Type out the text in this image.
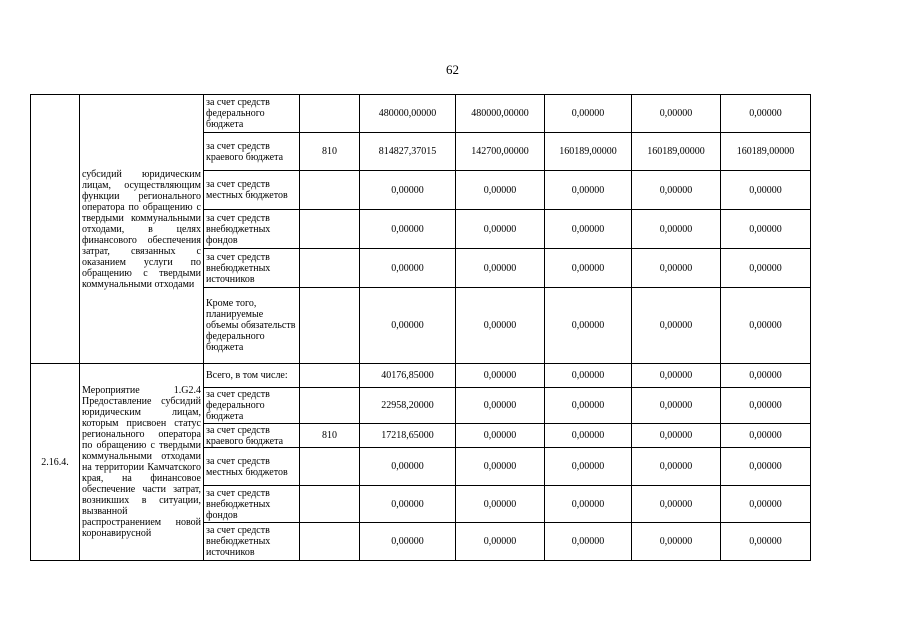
62
	субсидий юридическим лицам, осуществляющим функции регионального оператора по обращению с твердыми коммунальными отходами, в целях финансового обеспечения затрат, связанных с оказанием услуги по обращению с твердыми коммунальными отходами	за счет средств федерального бюджета		480000,00000	480000,00000	0,00000	0,00000	0,00000
		за счет средств краевого бюджета	810	814827,37015	142700,00000	160189,00000	160189,00000	160189,00000
		за счет средств местных бюджетов		0,00000	0,00000	0,00000	0,00000	0,00000
		за счет средств внебюджетных фондов		0,00000	0,00000	0,00000	0,00000	0,00000
		за счет средств внебюджетных источников		0,00000	0,00000	0,00000	0,00000	0,00000
		Кроме того, планируемые объемы обязательств федерального бюджета		0,00000	0,00000	0,00000	0,00000	0,00000
2.16.4.	Мероприятие 1.G2.4 Предоставление субсидий юридическим лицам, которым присвоен статус регионального оператора по обращению с твердыми коммунальными отходами на территории Камчатского края, на финансовое обеспечение части затрат, возникших в ситуации, вызванной распространением новой коронавирусной	Всего, в том числе:		40176,85000	0,00000	0,00000	0,00000	0,00000
		за счет средств федерального бюджета		22958,20000	0,00000	0,00000	0,00000	0,00000
		за счет средств краевого бюджета	810	17218,65000	0,00000	0,00000	0,00000	0,00000
		за счет средств местных бюджетов		0,00000	0,00000	0,00000	0,00000	0,00000
		за счет средств внебюджетных фондов		0,00000	0,00000	0,00000	0,00000	0,00000
		за счет средств внебюджетных источников		0,00000	0,00000	0,00000	0,00000	0,00000
